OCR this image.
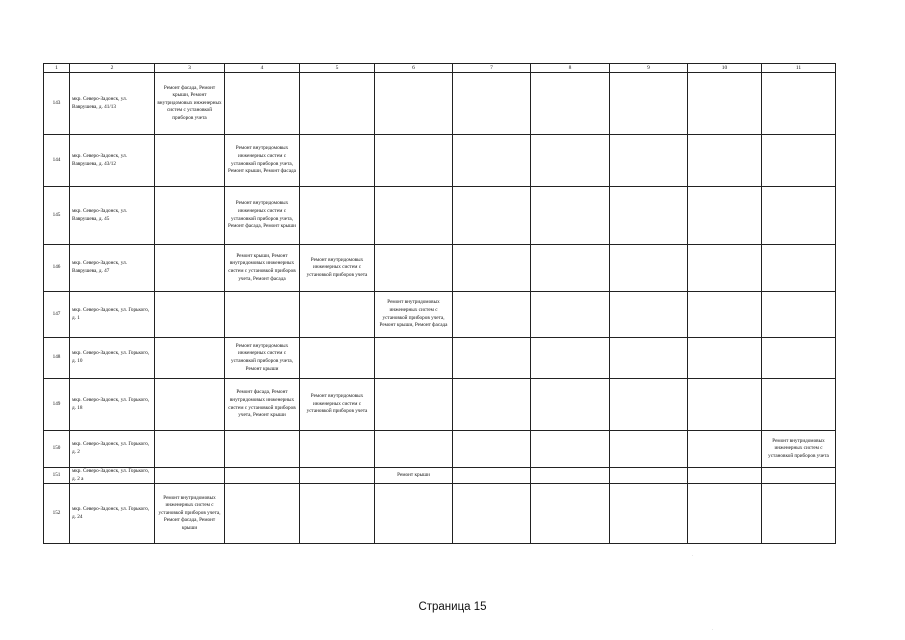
1	2	3	4	5	6	7	8	9	10	11
143	мкр. Северо-Задонск, ул. Ваврушева, д. 41/13	Ремонт фасада, Ремонт крыши, Ремонт внутридомовых инженерных систем с установкой приборов учета								
144	мкр. Северо-Задонск, ул. Ваврушева, д. 43/12		Ремонт внутридомовых инженерных систем с установкой приборов учета, Ремонт крыши, Ремонт фасада							
145	мкр. Северо-Задонск, ул. Ваврушева, д. 45		Ремонт внутридомовых инженерных систем с установкой приборов учета, Ремонт фасада, Ремонт крыши							
146	мкр. Северо-Задонск, ул. Ваврушева, д. 47		Ремонт крыши, Ремонт внутридомовых инженерных систем с установкой приборов учета, Ремонт фасада	Ремонт внутридомовых инженерных систем с установкой приборов учета						
147	мкр. Северо-Задонск, ул. Горького, д. 1				Ремонт внутридомовых инженерных систем с установкой приборов учета, Ремонт крыши, Ремонт фасада					
148	мкр. Северо-Задонск, ул. Горького, д. 10		Ремонт внутридомовых инженерных систем с установкой приборов учета, Ремонт крыши							
149	мкр. Северо-Задонск, ул. Горького, д. 18		Ремонт фасада, Ремонт внутридомовых инженерных систем с установкой приборов учета, Ремонт крыши	Ремонт внутридомовых инженерных систем с установкой приборов учета						
150	мкр. Северо-Задонск, ул. Горького, д. 2									Ремонт внутридомовых инженерных систем с установкой приборов учета
151	мкр. Северо-Задонск, ул. Горького, д. 2 а				Ремонт крыши					
152	мкр. Северо-Задонск, ул. Горького, д. 24	Ремонт внутридомовых инженерных систем с установкой приборов учета, Ремонт фасада, Ремонт крыши								
Страница 15
·
·
